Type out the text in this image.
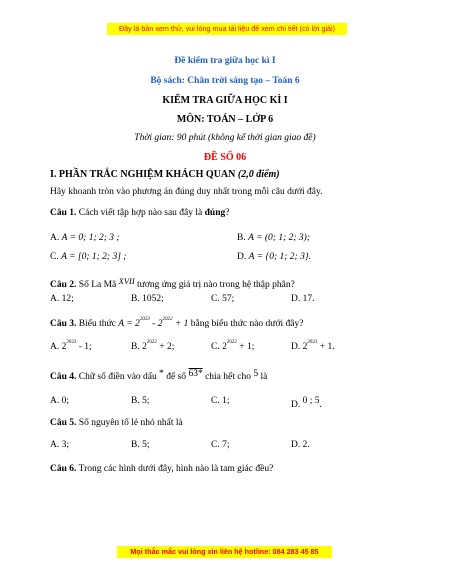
Đây là bản xem thử, vui lòng mua tài liệu để xem chi tiết (có lời giải)
Đề kiểm tra giữa học kì I
Bộ sách: Chân trời sáng tạo – Toán 6
KIỂM TRA GIỮA HỌC KÌ I
MÔN: TOÁN – LỚP 6
Thời gian: 90 phút (không kể thời gian giao đề)
ĐỀ SỐ 06
I. PHẦN TRẮC NGHIỆM KHÁCH QUAN (2,0 điểm)
Hãy khoanh tròn vào phương án đúng duy nhất trong mỗi câu dưới đây.
Câu 1. Cách viết tập hợp nào sau đây là đúng?
A. A = 0; 1; 2; 3 ;	B. A = (0; 1; 2; 3);
C. A = [0; 1; 2; 3] ;	D. A = {0; 1; 2; 3}.
Câu 2. Số La Mã XVII tương ứng giá trị nào trong hệ thập phân?
A. 12;	B. 1052;	C. 57;	D. 17.
Câu 3. Biểu thức $A = 2^{2023} - 2^{2022} + 1$ bằng biểu thức nào dưới đây?
A. $2^{2023} - 1$;	B. $2^{2022} + 2$;	C. $2^{2022} + 1$;	D. $2^{2023} + 1$.
Câu 4. Chữ số điền vào dấu * để số 63* chia hết cho 5 là
A. 0;	B. 5;	C. 1;	D. 0 ; 5.
Câu 5. Số nguyên tố lẻ nhỏ nhất là
A. 3;	B. 5;	C. 7;	D. 2.
Câu 6. Trong các hình dưới đây, hình nào là tam giác đều?
Mọi thắc mắc vui lòng xin liên hệ hotline: 084 283 45 85
